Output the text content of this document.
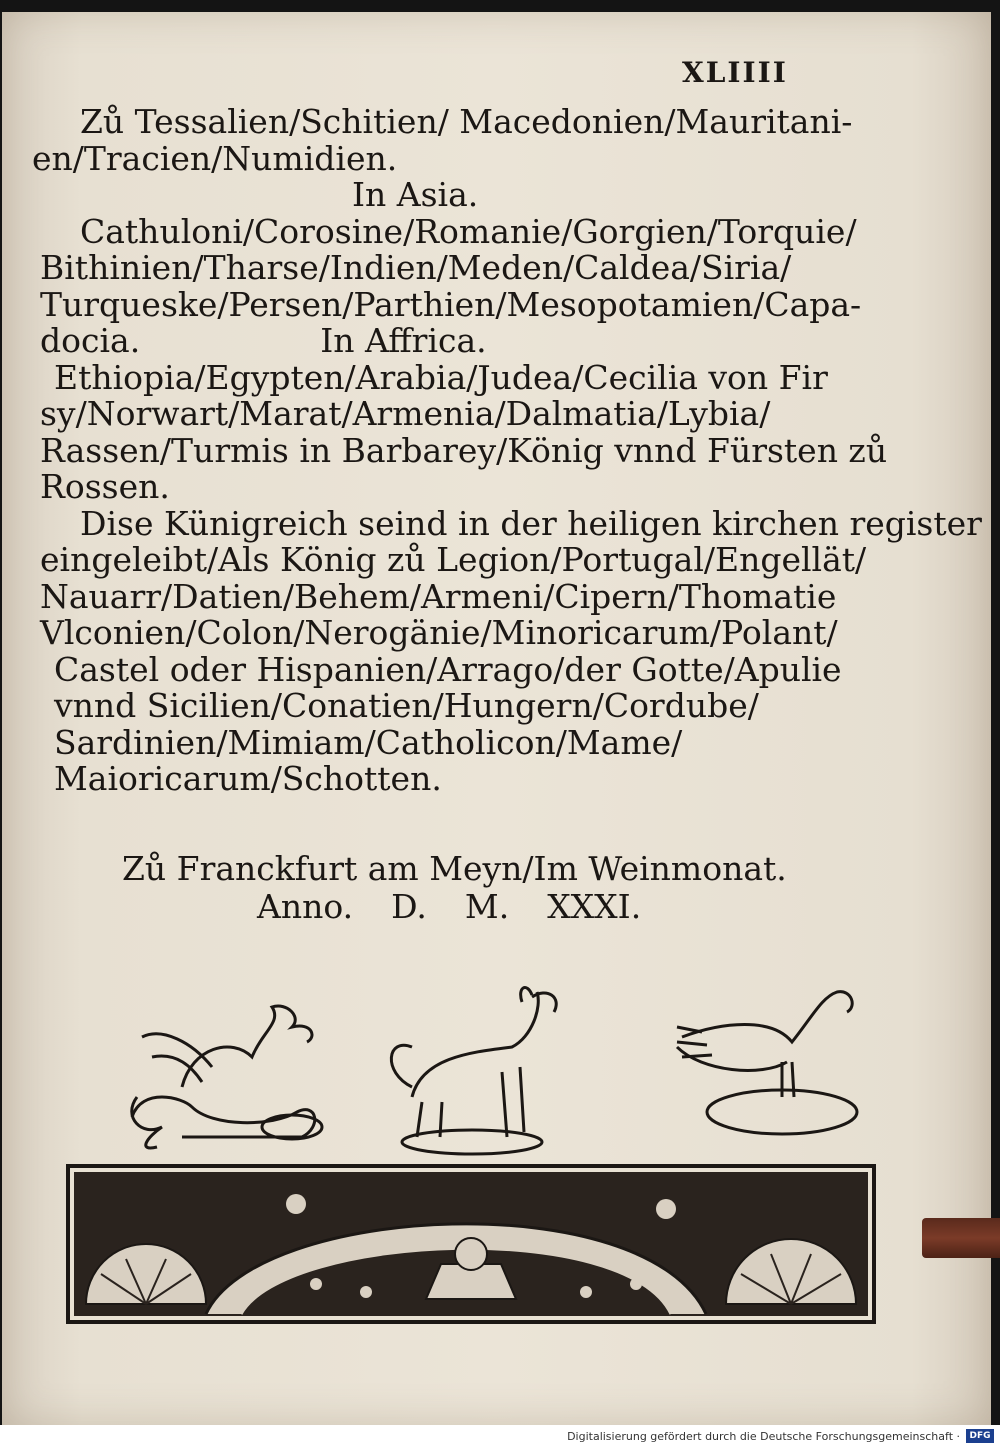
XLIIII
Zů Tessalien/Schitien/ Macedonien/Mauritani-
en/Tracien/Numidien.
In Asia.
Cathuloni/Corosine/Romanie/Gorgien/Torquie/
Bithinien/Tharse/Indien/Meden/Caldea/Siria/
Turqueske/Persen/Parthien/Mesopotamien/Capa-
docia.	In Affrica.
Ethiopia/Egypten/Arabia/Judea/Cecilia von Fir
sy/Norwart/Marat/Armenia/Dalmatia/Lybia/
Rassen/Turmis in Barbarey/König vnnd Fürsten zů
Rossen.
Dise Künigreich seind in der heiligen kirchen register
eingeleibt/Als König zů Legion/Portugal/Engellät/
Nauarr/Datien/Behem/Armeni/Cipern/Thomatie
Vlconien/Colon/Nerogänie/Minoricarum/Polant/
Castel oder Hispanien/Arrago/der Gotte/Apulie
vnnd Sicilien/Conatien/Hungern/Cordube/
Sardinien/Mimiam/Catholicon/Mame/
Maioricarum/Schotten.
Zů Franckfurt am Meyn/Im Weinmonat.
Anno. D. M. XXXI.
Digitalisierung gefördert durch die Deutsche Forschungsgemeinschaft ·	DFG
